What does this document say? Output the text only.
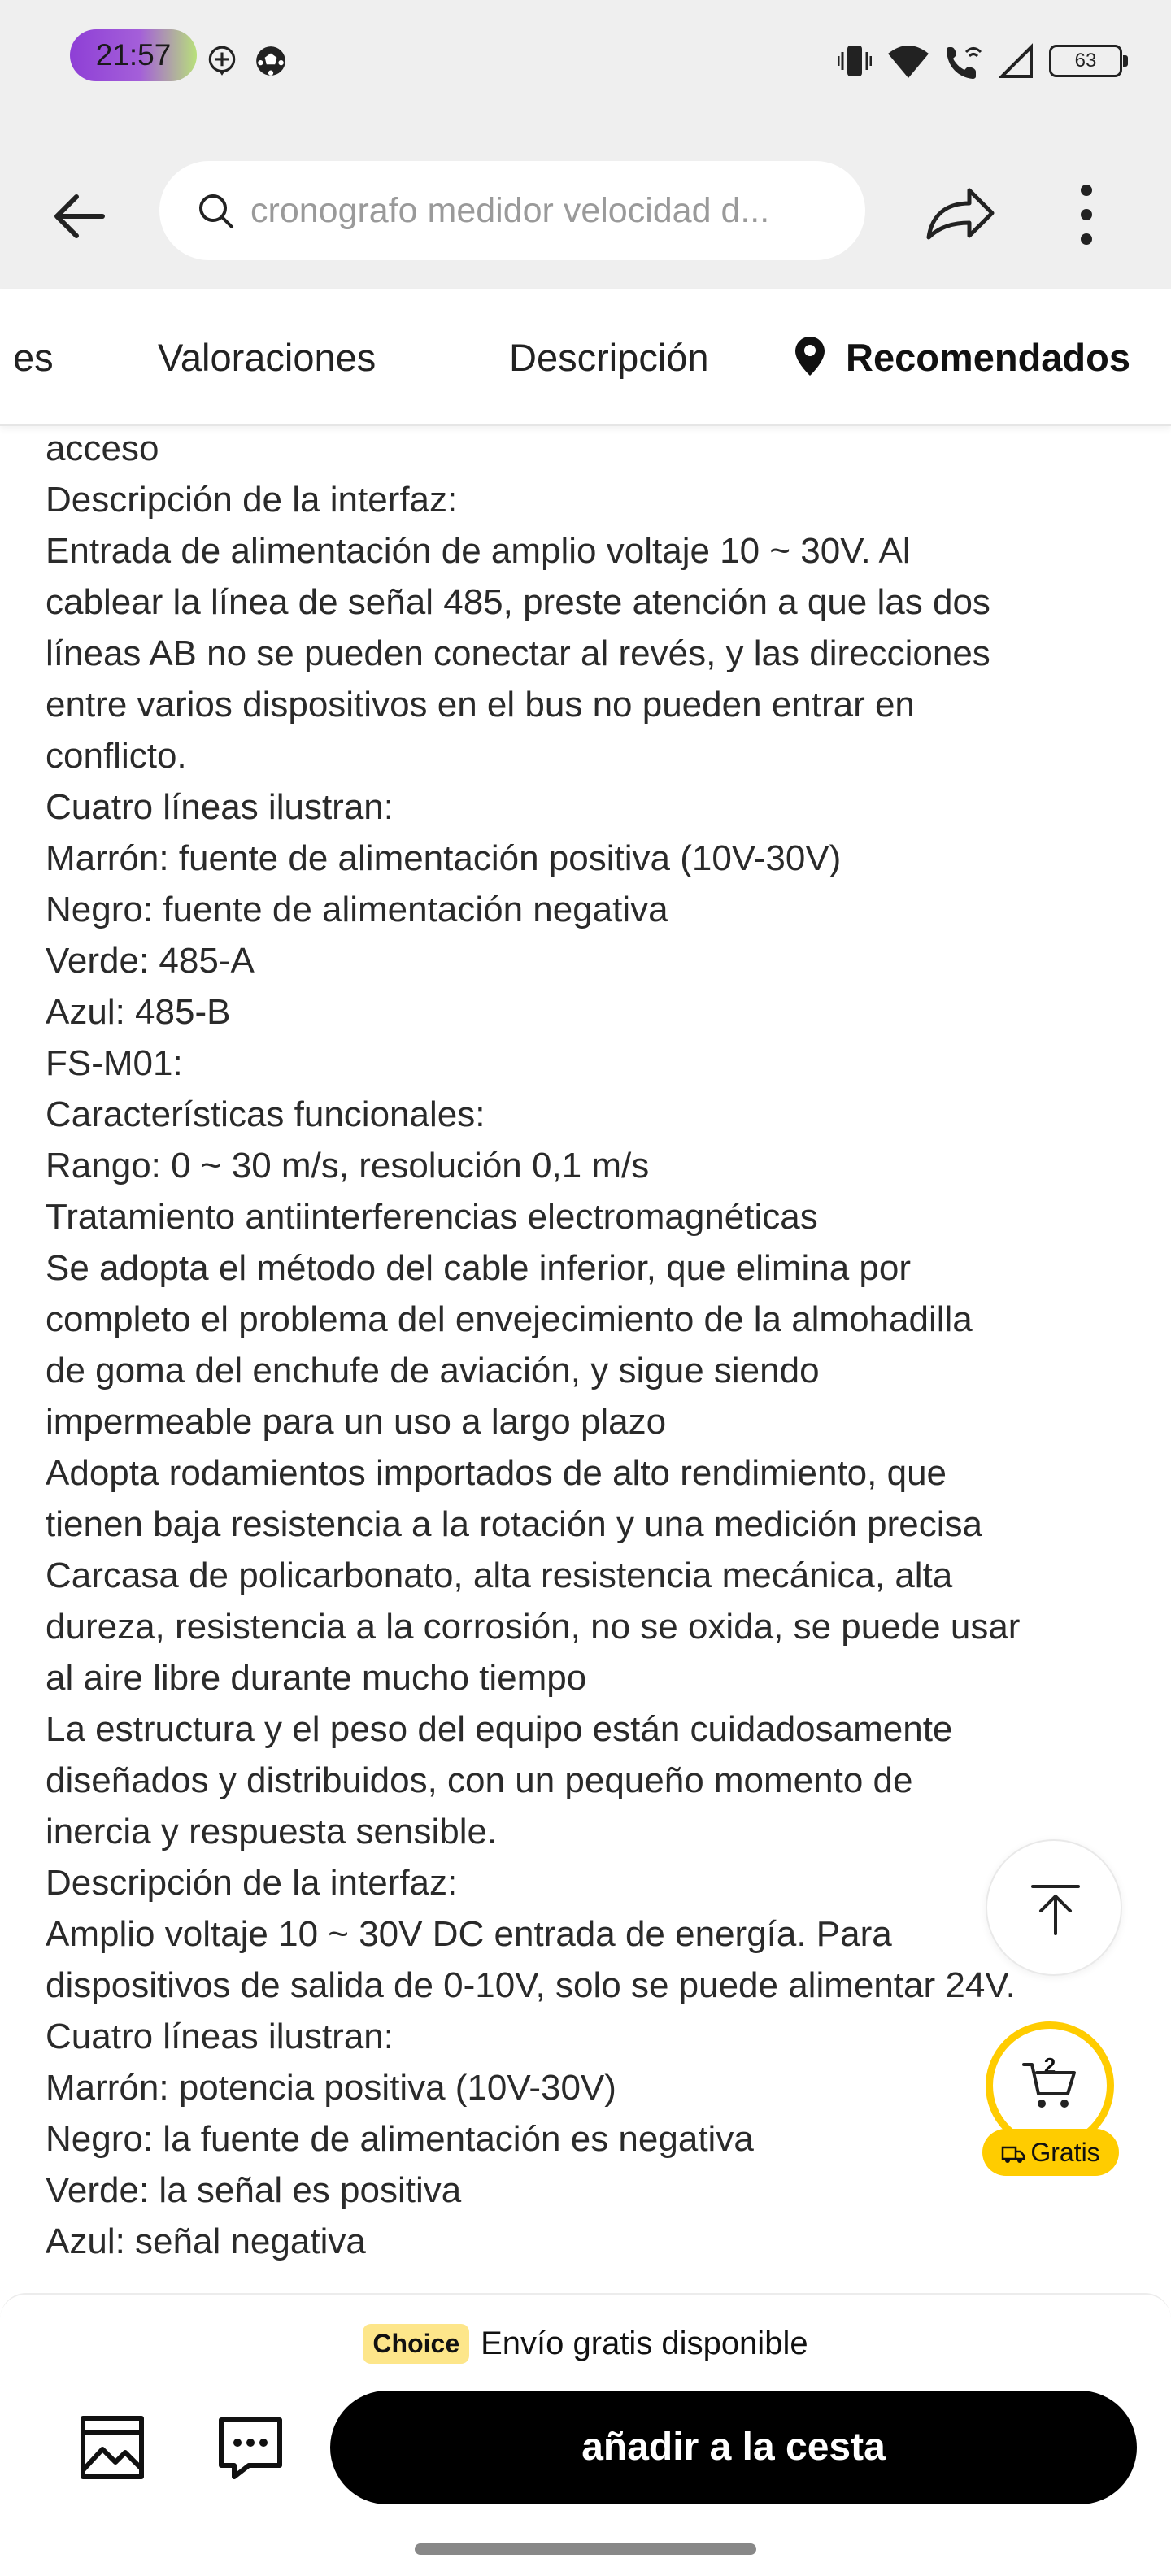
21:57	63
cronografo medidor velocidad d...
es	Valoraciones	Descripción	Recomendados
acceso
Descripción de la interfaz:
Entrada de alimentación de amplio voltaje 10 ~ 30V. Al
cablear la línea de señal 485, preste atención a que las dos
líneas AB no se pueden conectar al revés, y las direcciones
entre varios dispositivos en el bus no pueden entrar en
conflicto.
Cuatro líneas ilustran:
Marrón: fuente de alimentación positiva (10V-30V)
Negro: fuente de alimentación negativa
Verde: 485-A
Azul: 485-B
FS-M01:
Características funcionales:
Rango: 0 ~ 30 m/s, resolución 0,1 m/s
Tratamiento antiinterferencias electromagnéticas
Se adopta el método del cable inferior, que elimina por
completo el problema del envejecimiento de la almohadilla
de goma del enchufe de aviación, y sigue siendo
impermeable para un uso a largo plazo
Adopta rodamientos importados de alto rendimiento, que
tienen baja resistencia a la rotación y una medición precisa
Carcasa de policarbonato, alta resistencia mecánica, alta
dureza, resistencia a la corrosión, no se oxida, se puede usar
al aire libre durante mucho tiempo
La estructura y el peso del equipo están cuidadosamente
diseñados y distribuidos, con un pequeño momento de
inercia y respuesta sensible.
Descripción de la interfaz:
Amplio voltaje 10 ~ 30V DC entrada de energía. Para
dispositivos de salida de 0-10V, solo se puede alimentar 24V.
Cuatro líneas ilustran:
Marrón: potencia positiva (10V-30V)
Negro: la fuente de alimentación es negativa
Verde: la señal es positiva
Azul: señal negativa
2
Gratis
Choice Envío gratis disponible
añadir a la cesta
